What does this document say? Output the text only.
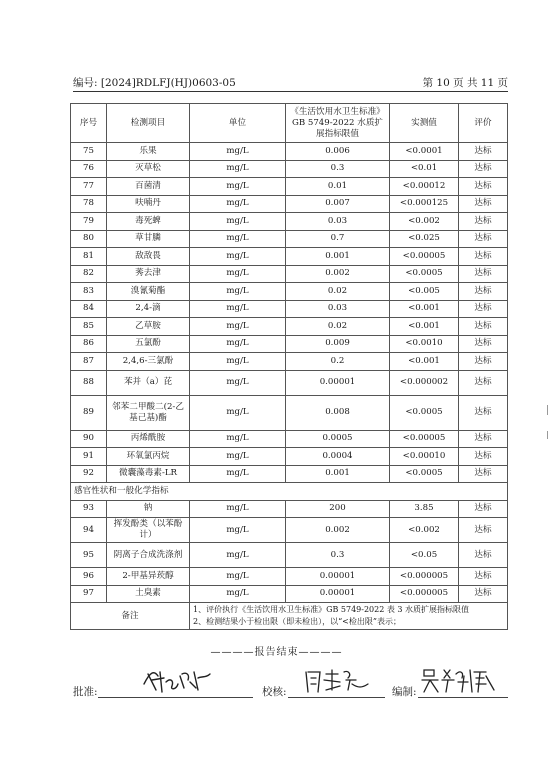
编号: [2024]RDLFJ(HJ)0603-05	第 10 页 共 11 页
序号	检测项目	单位	《生活饮用水卫生标准》GB 5749-2022 水质扩展指标限值	实测值	评价
75	乐果	mg/L	0.006	<0.0001	达标
76	灭草松	mg/L	0.3	<0.01	达标
77	百菌清	mg/L	0.01	<0.00012	达标
78	呋喃丹	mg/L	0.007	<0.000125	达标
79	毒死蜱	mg/L	0.03	<0.002	达标
80	草甘膦	mg/L	0.7	<0.025	达标
81	敌敌畏	mg/L	0.001	<0.00005	达标
82	莠去津	mg/L	0.002	<0.0005	达标
83	溴氰菊酯	mg/L	0.02	<0.005	达标
84	2,4-滴	mg/L	0.03	<0.001	达标
85	乙草胺	mg/L	0.02	<0.001	达标
86	五氯酚	mg/L	0.009	<0.0010	达标
87	2,4,6-三氯酚	mg/L	0.2	<0.001	达标
88	苯并（a）芘	mg/L	0.00001	<0.000002	达标
89	邻苯二甲酸二(2-乙 基己基)酯	mg/L	0.008	<0.0005	达标
90	丙烯酰胺	mg/L	0.0005	<0.00005	达标
91	环氧氯丙烷	mg/L	0.0004	<0.00010	达标
92	微囊藻毒素-LR	mg/L	0.001	<0.0005	达标
感官性状和一般化学指标					
93	钠	mg/L	200	3.85	达标
94	挥发酚类（以苯酚计）	mg/L	0.002	<0.002	达标
95	阴离子合成洗涤剂	mg/L	0.3	<0.05	达标
96	2-甲基异莰醇	mg/L	0.00001	<0.000005	达标
97	土臭素	mg/L	0.00001	<0.000005	达标
备注		1、评价执行《生活饮用水卫生标准》GB 5749-2022 表 3 水质扩展指标限值
2、检测结果小于检出限（即未检出），以“<检出限”表示；			
————报告结束————
批准:	校核:	编制:
